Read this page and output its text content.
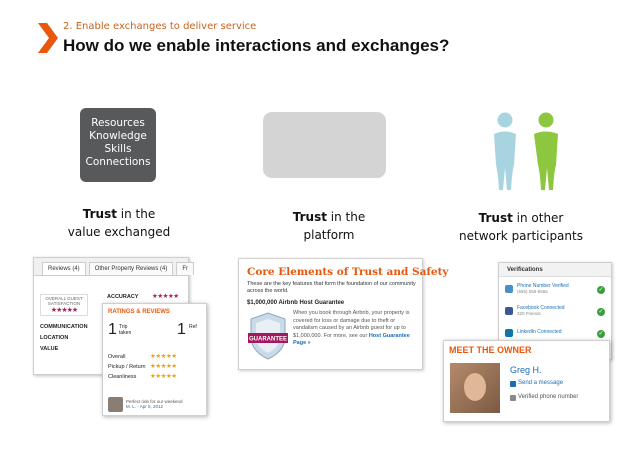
2. Enable exchanges to deliver service
How do we enable interactions and exchanges?
Resources
Knowledge
Skills
Connections
Trust in the
value exchanged
Trust in the
platform
Trust in other
network participants
Reviews (4)	Other Property Reviews (4)	Fr
OVERALL GUEST SATISFACTION
★★★★★
ACCURACY ★★★★★
COMMUNICATION
LOCATION
VALUE
RATINGS & REVIEWS
1 Trip taken	1 Ref
Overall	★★★★★
Pickup / Return ★★★★★
Cleanliness ★★★★★
Perfect ride for our weekend
M. L. - Apr 5, 2012
Core Elements of Trust and Safety
These are the key features that form the foundation of our community across the world.
$1,000,000 Airbnb Host Guarantee
GUARANTEE
When you book through Airbnb, your property is covered for loss or damage due to theft or vandalism caused by an Airbnb guest for up to $1,000,000. For more, see our Host Guarantee Page »
Verifications
Phone Number Verified
(555) 555-5555	✓
Facebook Connected
320 Friends	✓
LinkedIn Connected	✓
MEET THE OWNER
Greg H.
Send a message
Verified phone number
